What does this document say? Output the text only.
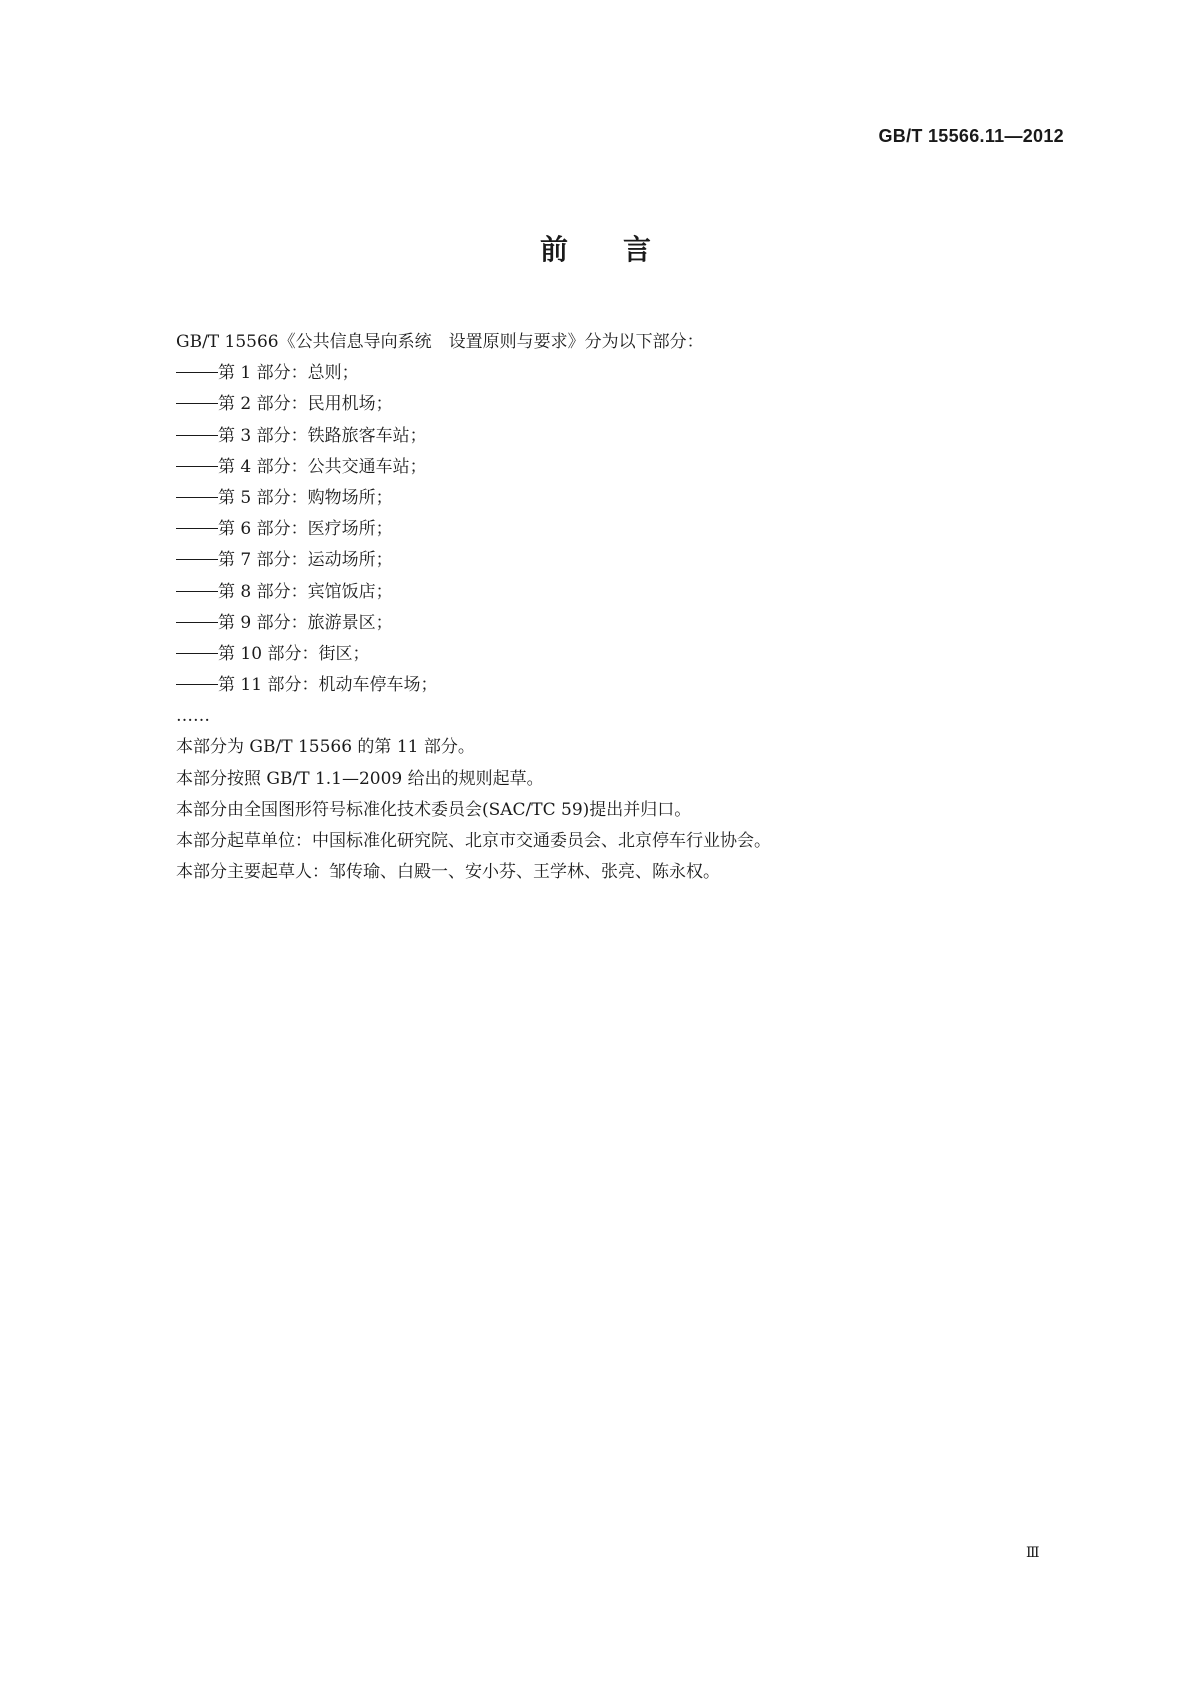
GB/T 15566.11—2012
前言
GB/T 15566《公共信息导向系统　设置原则与要求》分为以下部分：
第 1 部分：总则；
第 2 部分：民用机场；
第 3 部分：铁路旅客车站；
第 4 部分：公共交通车站；
第 5 部分：购物场所；
第 6 部分：医疗场所；
第 7 部分：运动场所；
第 8 部分：宾馆饭店；
第 9 部分：旅游景区；
第 10 部分：街区；
第 11 部分：机动车停车场；
……
本部分为 GB/T 15566 的第 11 部分。
本部分按照 GB/T 1.1—2009 给出的规则起草。
本部分由全国图形符号标准化技术委员会(SAC/TC 59)提出并归口。
本部分起草单位：中国标准化研究院、北京市交通委员会、北京停车行业协会。
本部分主要起草人：邹传瑜、白殿一、安小芬、王学林、张亮、陈永权。
Ⅲ
